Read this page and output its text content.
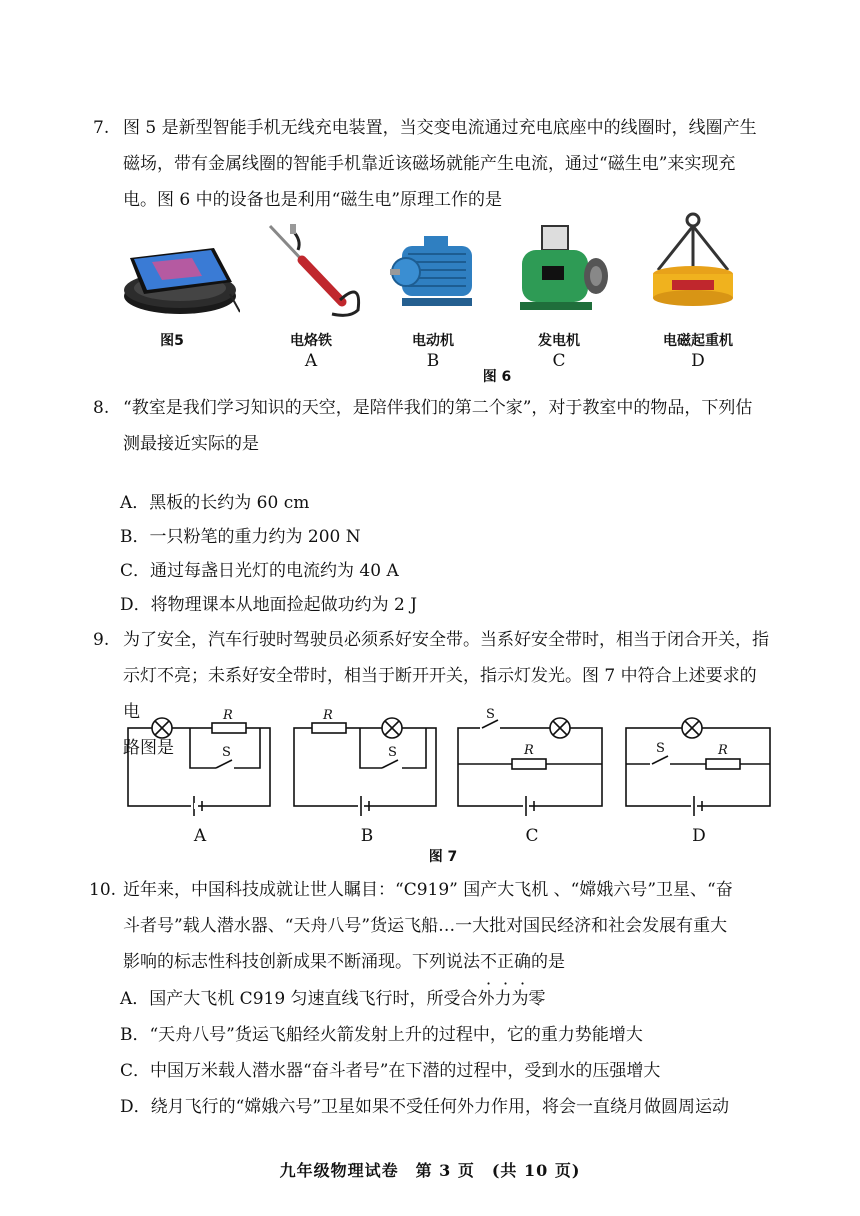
7. 图 5 是新型智能手机无线充电装置，当交变电流通过充电底座中的线圈时，线圈产生
磁场，带有金属线圈的智能手机靠近该磁场就能产生电流，通过“磁生电”来实现充
电。图 6 中的设备也是利用“磁生电”原理工作的是
图5	电烙铁	电动机	发电机	电磁起重机
A	B	C	D
图 6
8. “教室是我们学习知识的天空，是陪伴我们的第二个家”，对于教室中的物品，下列估
测最接近实际的是
A．黑板的长约为 60 cm
B．一只粉笔的重力约为 200 N
C．通过每盏日光灯的电流约为 40 A
D．将物理课本从地面捡起做功约为 2 J
9. 为了安全，汽车行驶时驾驶员必须系好安全带。当系好安全带时，相当于闭合开关，指
示灯不亮；未系好安全带时，相当于断开开关，指示灯发光。图 7 中符合上述要求的电
路图是
R
S
R
S
S
R	S	R
A	B	C	D
图 7
10. 近年来，中国科技成就让世人瞩目：“C919” 国产大飞机 、“嫦娥六号”卫星、“奋
斗者号”载人潜水器、“天舟八号”货运飞船…一大批对国民经济和社会发展有重大
影响的标志性科技创新成果不断涌现。下列说法不正确的是
A．国产大飞机 C919 匀速直线飞行时，所受合外力为零
B．“天舟八号”货运飞船经火箭发射上升的过程中，它的重力势能增大
C．中国万米载人潜水器“奋斗者号”在下潜的过程中，受到水的压强增大
D．绕月飞行的“嫦娥六号”卫星如果不受任何外力作用，将会一直绕月做圆周运动
九年级物理试卷　第 3 页　(共 10 页)
